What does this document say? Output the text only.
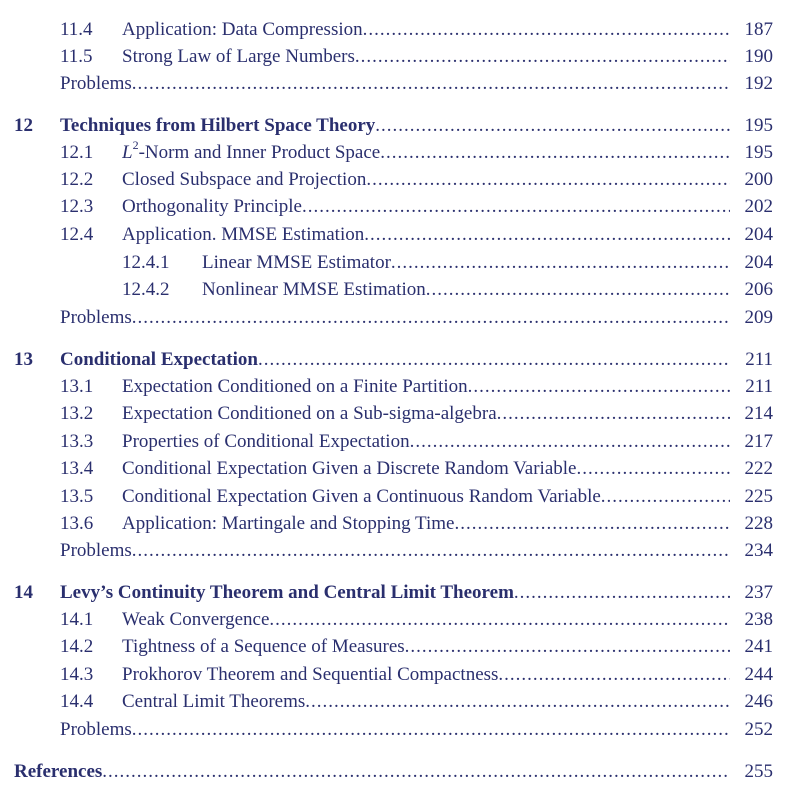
11.4 Application: Data Compression .....	187
11.5 Strong Law of Large Numbers .....	190
Problems .....	192
12 Techniques from Hilbert Space Theory .....	195
12.1 $L^2$-Norm and Inner Product Space .....	195
12.2 Closed Subspace and Projection .....	200
12.3 Orthogonality Principle .....	202
12.4 Application. MMSE Estimation .....	204
12.4.1 Linear MMSE Estimator .....	204
12.4.2 Nonlinear MMSE Estimation .....	206
Problems .....	209
13 Conditional Expectation .....	211
13.1 Expectation Conditioned on a Finite Partition .....	211
13.2 Expectation Conditioned on a Sub-sigma-algebra .....	214
13.3 Properties of Conditional Expectation .....	217
13.4 Conditional Expectation Given a Discrete Random Variable .....	222
13.5 Conditional Expectation Given a Continuous Random Variable .....	225
13.6 Application: Martingale and Stopping Time .....	228
Problems .....	234
14 Levy’s Continuity Theorem and Central Limit Theorem .....	237
14.1 Weak Convergence .....	238
14.2 Tightness of a Sequence of Measures .....	241
14.3 Prokhorov Theorem and Sequential Compactness .....	244
14.4 Central Limit Theorems .....	246
Problems .....	252
References .....	255
